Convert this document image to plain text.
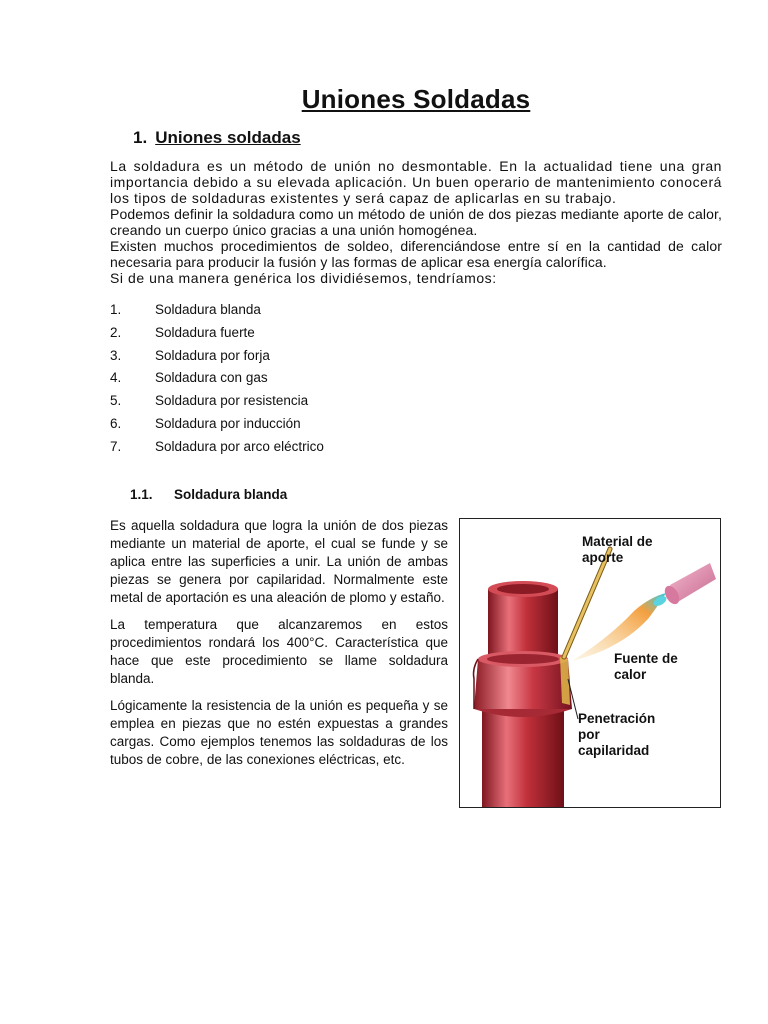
Uniones Soldadas
1. Uniones soldadas

La soldadura es un método de unión no desmontable. En la actualidad tiene una gran importancia debido a su elevada aplicación. Un buen operario de mantenimiento conocerá los tipos de soldaduras existentes y será capaz de aplicarlas en su trabajo.

Podemos definir la soldadura como un método de unión de dos piezas mediante aporte de calor, creando un cuerpo único gracias a una unión homogénea.

Existen muchos procedimientos de soldeo, diferenciándose entre sí en la cantidad de calor necesaria para producir la fusión y las formas de aplicar esa energía calorífica.

Si de una manera genérica los dividiésemos, tendríamos:

1. Soldadura blanda
2. Soldadura fuerte
3. Soldadura por forja
4. Soldadura con gas
5. Soldadura por resistencia
6. Soldadura por inducción
7. Soldadura por arco eléctrico
1.1. Soldadura blanda

Es aquella soldadura que logra la unión de dos piezas mediante un material de aporte, el cual se funde y se aplica entre las superficies a unir. La unión de ambas piezas se genera por capilaridad. Normalmente este metal de aportación es una aleación de plomo y estaño.

La temperatura que alcanzaremos en estos procedimientos rondará los 400°C. Característica que hace que este procedimiento se llame soldadura blanda.

Lógicamente la resistencia de la unión es pequeña y se emplea en piezas que no estén expuestas a grandes cargas. Como ejemplos tenemos las soldaduras de los tubos de cobre, de las conexiones eléctricas, etc.

Material de
aporte
Fuente de
calor
Penetración
por
capilaridad
